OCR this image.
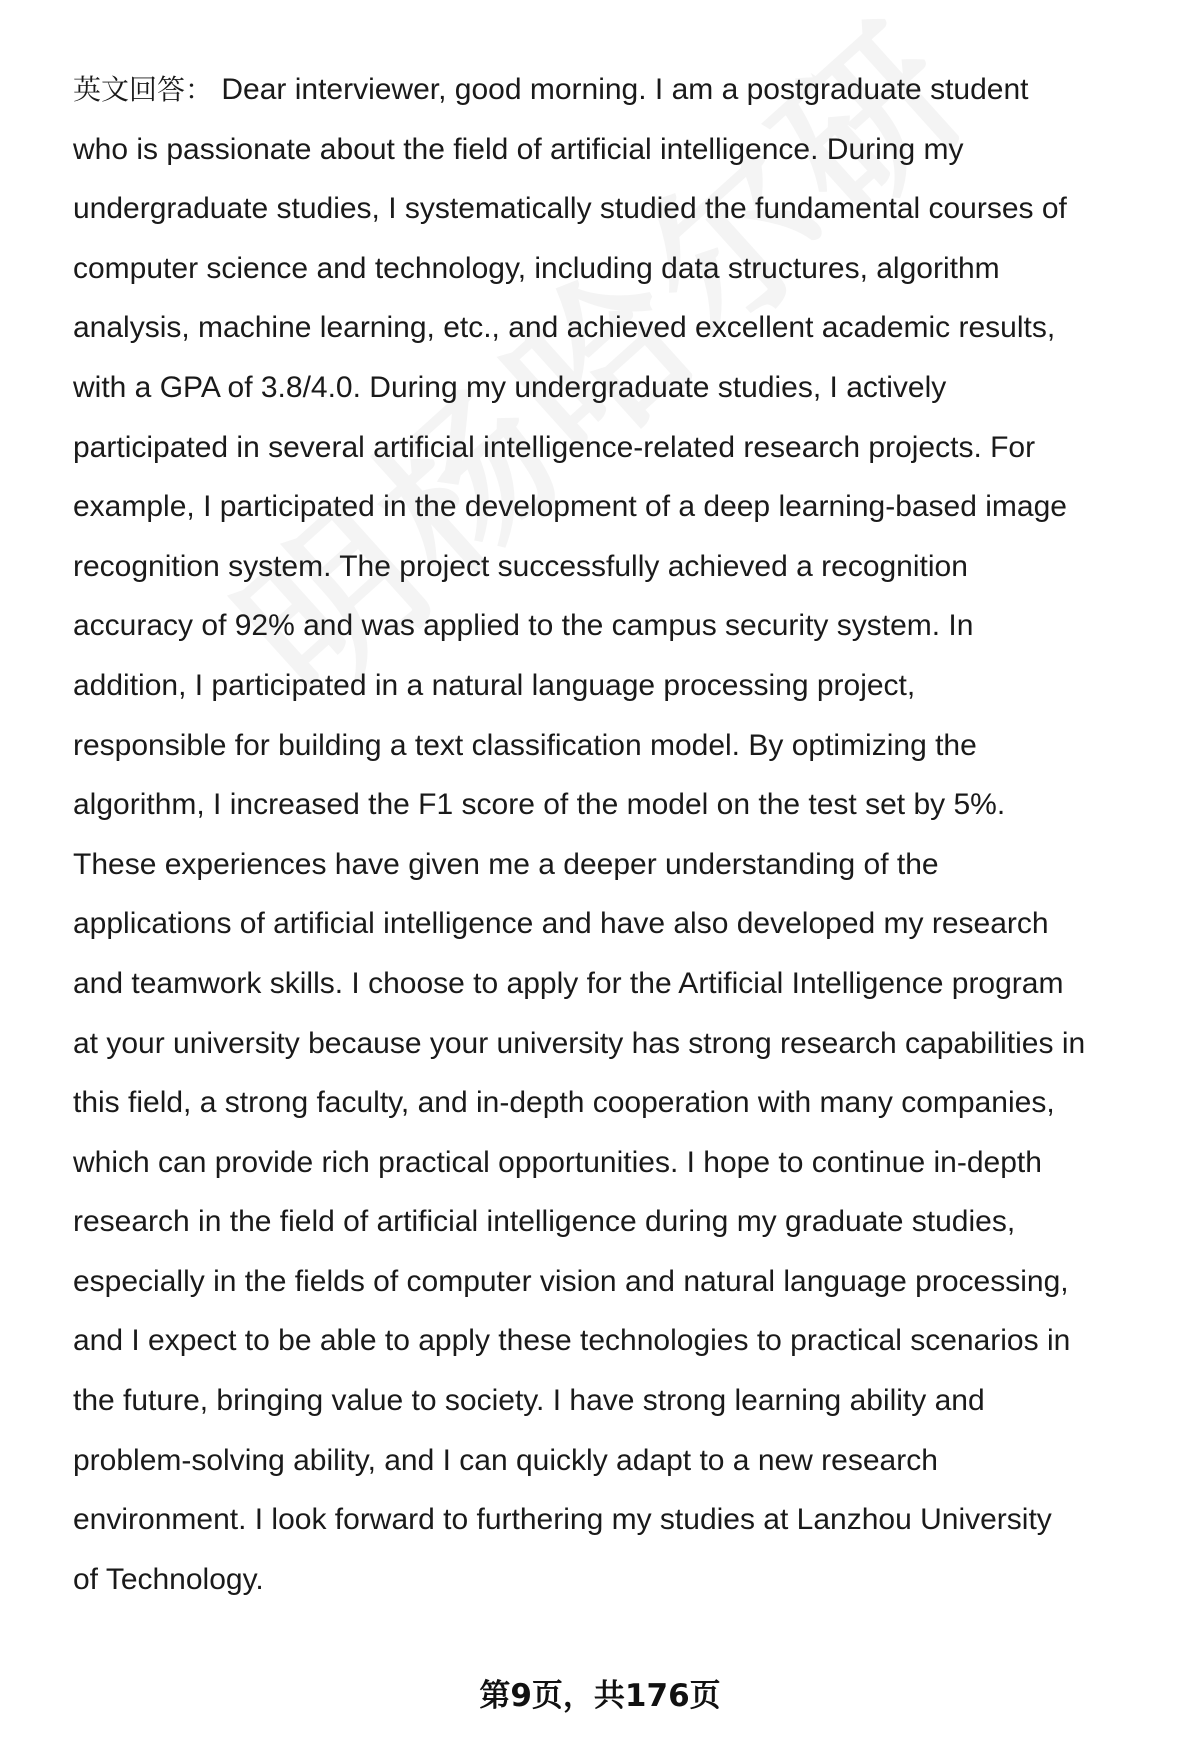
英文回答： Dear interviewer, good morning. I am a postgraduate student
who is passionate about the field of artificial intelligence. During my
undergraduate studies, I systematically studied the fundamental courses of
computer science and technology, including data structures, algorithm
analysis, machine learning, etc., and achieved excellent academic results,
with a GPA of 3.8/4.0. During my undergraduate studies, I actively
participated in several artificial intelligence-related research projects. For
example, I participated in the development of a deep learning-based image
recognition system. The project successfully achieved a recognition
accuracy of 92% and was applied to the campus security system. In
addition, I participated in a natural language processing project,
responsible for building a text classification model. By optimizing the
algorithm, I increased the F1 score of the model on the test set by 5%.
These experiences have given me a deeper understanding of the
applications of artificial intelligence and have also developed my research
and teamwork skills. I choose to apply for the Artificial Intelligence program
at your university because your university has strong research capabilities in
this field, a strong faculty, and in-depth cooperation with many companies,
which can provide rich practical opportunities. I hope to continue in-depth
research in the field of artificial intelligence during my graduate studies,
especially in the fields of computer vision and natural language processing,
and I expect to be able to apply these technologies to practical scenarios in
the future, bringing value to society. I have strong learning ability and
problem-solving ability, and I can quickly adapt to a new research
environment. I look forward to furthering my studies at Lanzhou University
of Technology.

第9页，共176页
